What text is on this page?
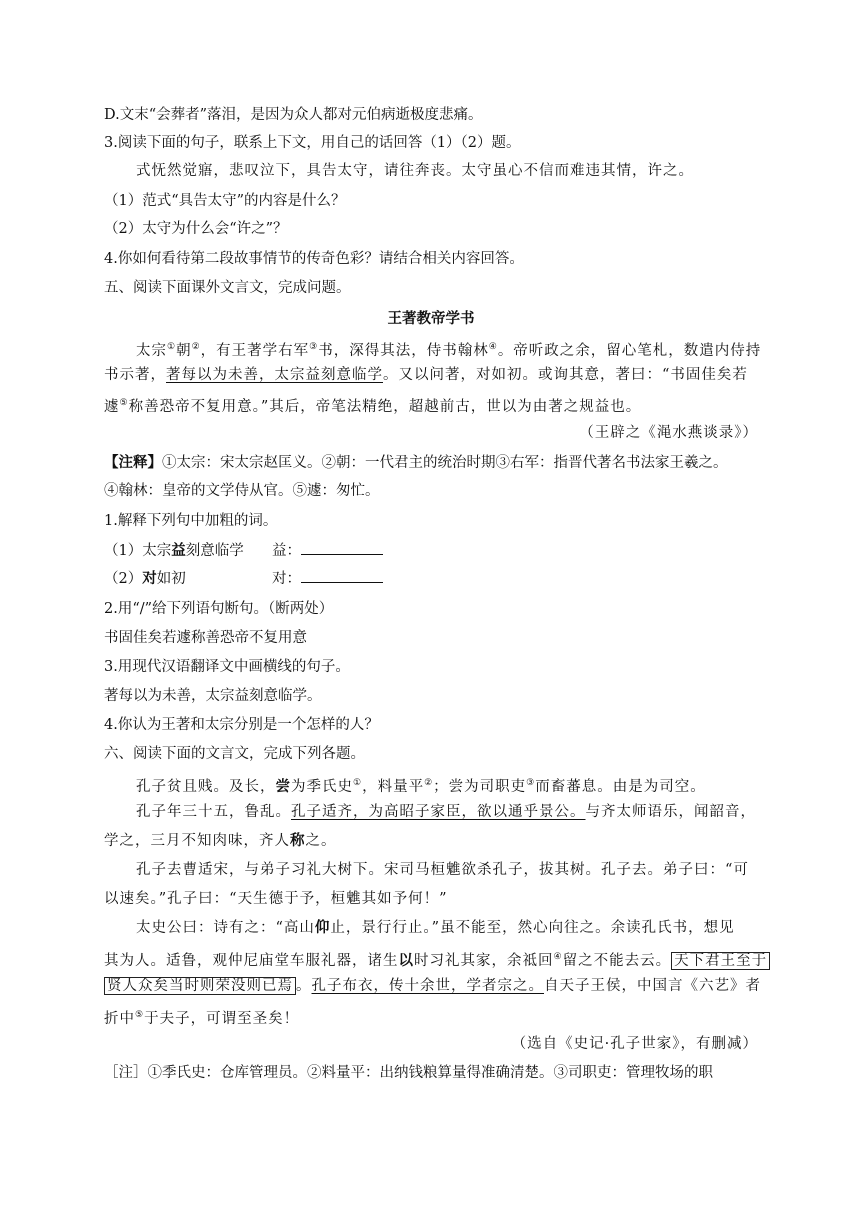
D.文末“会葬者”落泪，是因为众人都对元伯病逝极度悲痛。
3.阅读下面的句子，联系上下文，用自己的话回答（1）（2）题。
式怃然觉寤，悲叹泣下，具告太守，请往奔丧。太守虽心不信而难违其情，许之。
（1）范式“具告太守”的内容是什么？
（2）太守为什么会“许之”？
4.你如何看待第二段故事情节的传奇色彩？请结合相关内容回答。
五、阅读下面课外文言文，完成问题。
王著教帝学书
太宗①朝②，有王著学右军③书，深得其法，侍书翰林④。帝听政之余，留心笔札，数遣内侍持
书示著，著每以为未善，太宗益刻意临学。又以问著，对如初。或询其意，著曰：“书固佳矣若
遽⑤称善恐帝不复用意。”其后，帝笔法精绝，超越前古，世以为由著之规益也。
（王辟之《渑水燕谈录》）
【注释】①太宗：宋太宗赵匡义。②朝：一代君主的统治时期③右军：指晋代著名书法家王羲之。
④翰林：皇帝的文学侍从官。⑤遽：匆忙。
1.解释下列句中加粗的词。
（1）太宗益刻意临学 益：
（2）对如初	对：
2.用“/”给下列语句断句。（断两处）
书固佳矣若遽称善恐帝不复用意
3.用现代汉语翻译文中画横线的句子。
著每以为未善，太宗益刻意临学。
4.你认为王著和太宗分别是一个怎样的人？
六、阅读下面的文言文，完成下列各题。
孔子贫且贱。及长，尝为季氏史①，料量平②；尝为司职吏③而畜蕃息。由是为司空。
孔子年三十五，鲁乱。孔子适齐，为高昭子家臣，欲以通乎景公。与齐太师语乐，闻韶音，
学之，三月不知肉味，齐人称之。
孔子去曹适宋，与弟子习礼大树下。宋司马桓魋欲杀孔子，拔其树。孔子去。弟子曰：“可
以速矣。”孔子曰：“天生德于予，桓魋其如予何！”
太史公曰：诗有之：“高山仰止，景行行止。”虽不能至，然心向往之。余读孔氏书，想见
其为人。适鲁，观仲尼庙堂车服礼器，诸生以时习礼其家，余祗回④留之不能去云。 天下君王至于
贤人众矣当时则荣没则已焉 。孔子布衣，传十余世，学者宗之。自天子王侯，中国言《六艺》者
折中⑤于夫子，可谓至圣矣！
（选自《史记·孔子世家》，有删减）
［注］①季氏史：仓库管理员。②料量平：出纳钱粮算量得准确清楚。③司职吏：管理牧场的职
